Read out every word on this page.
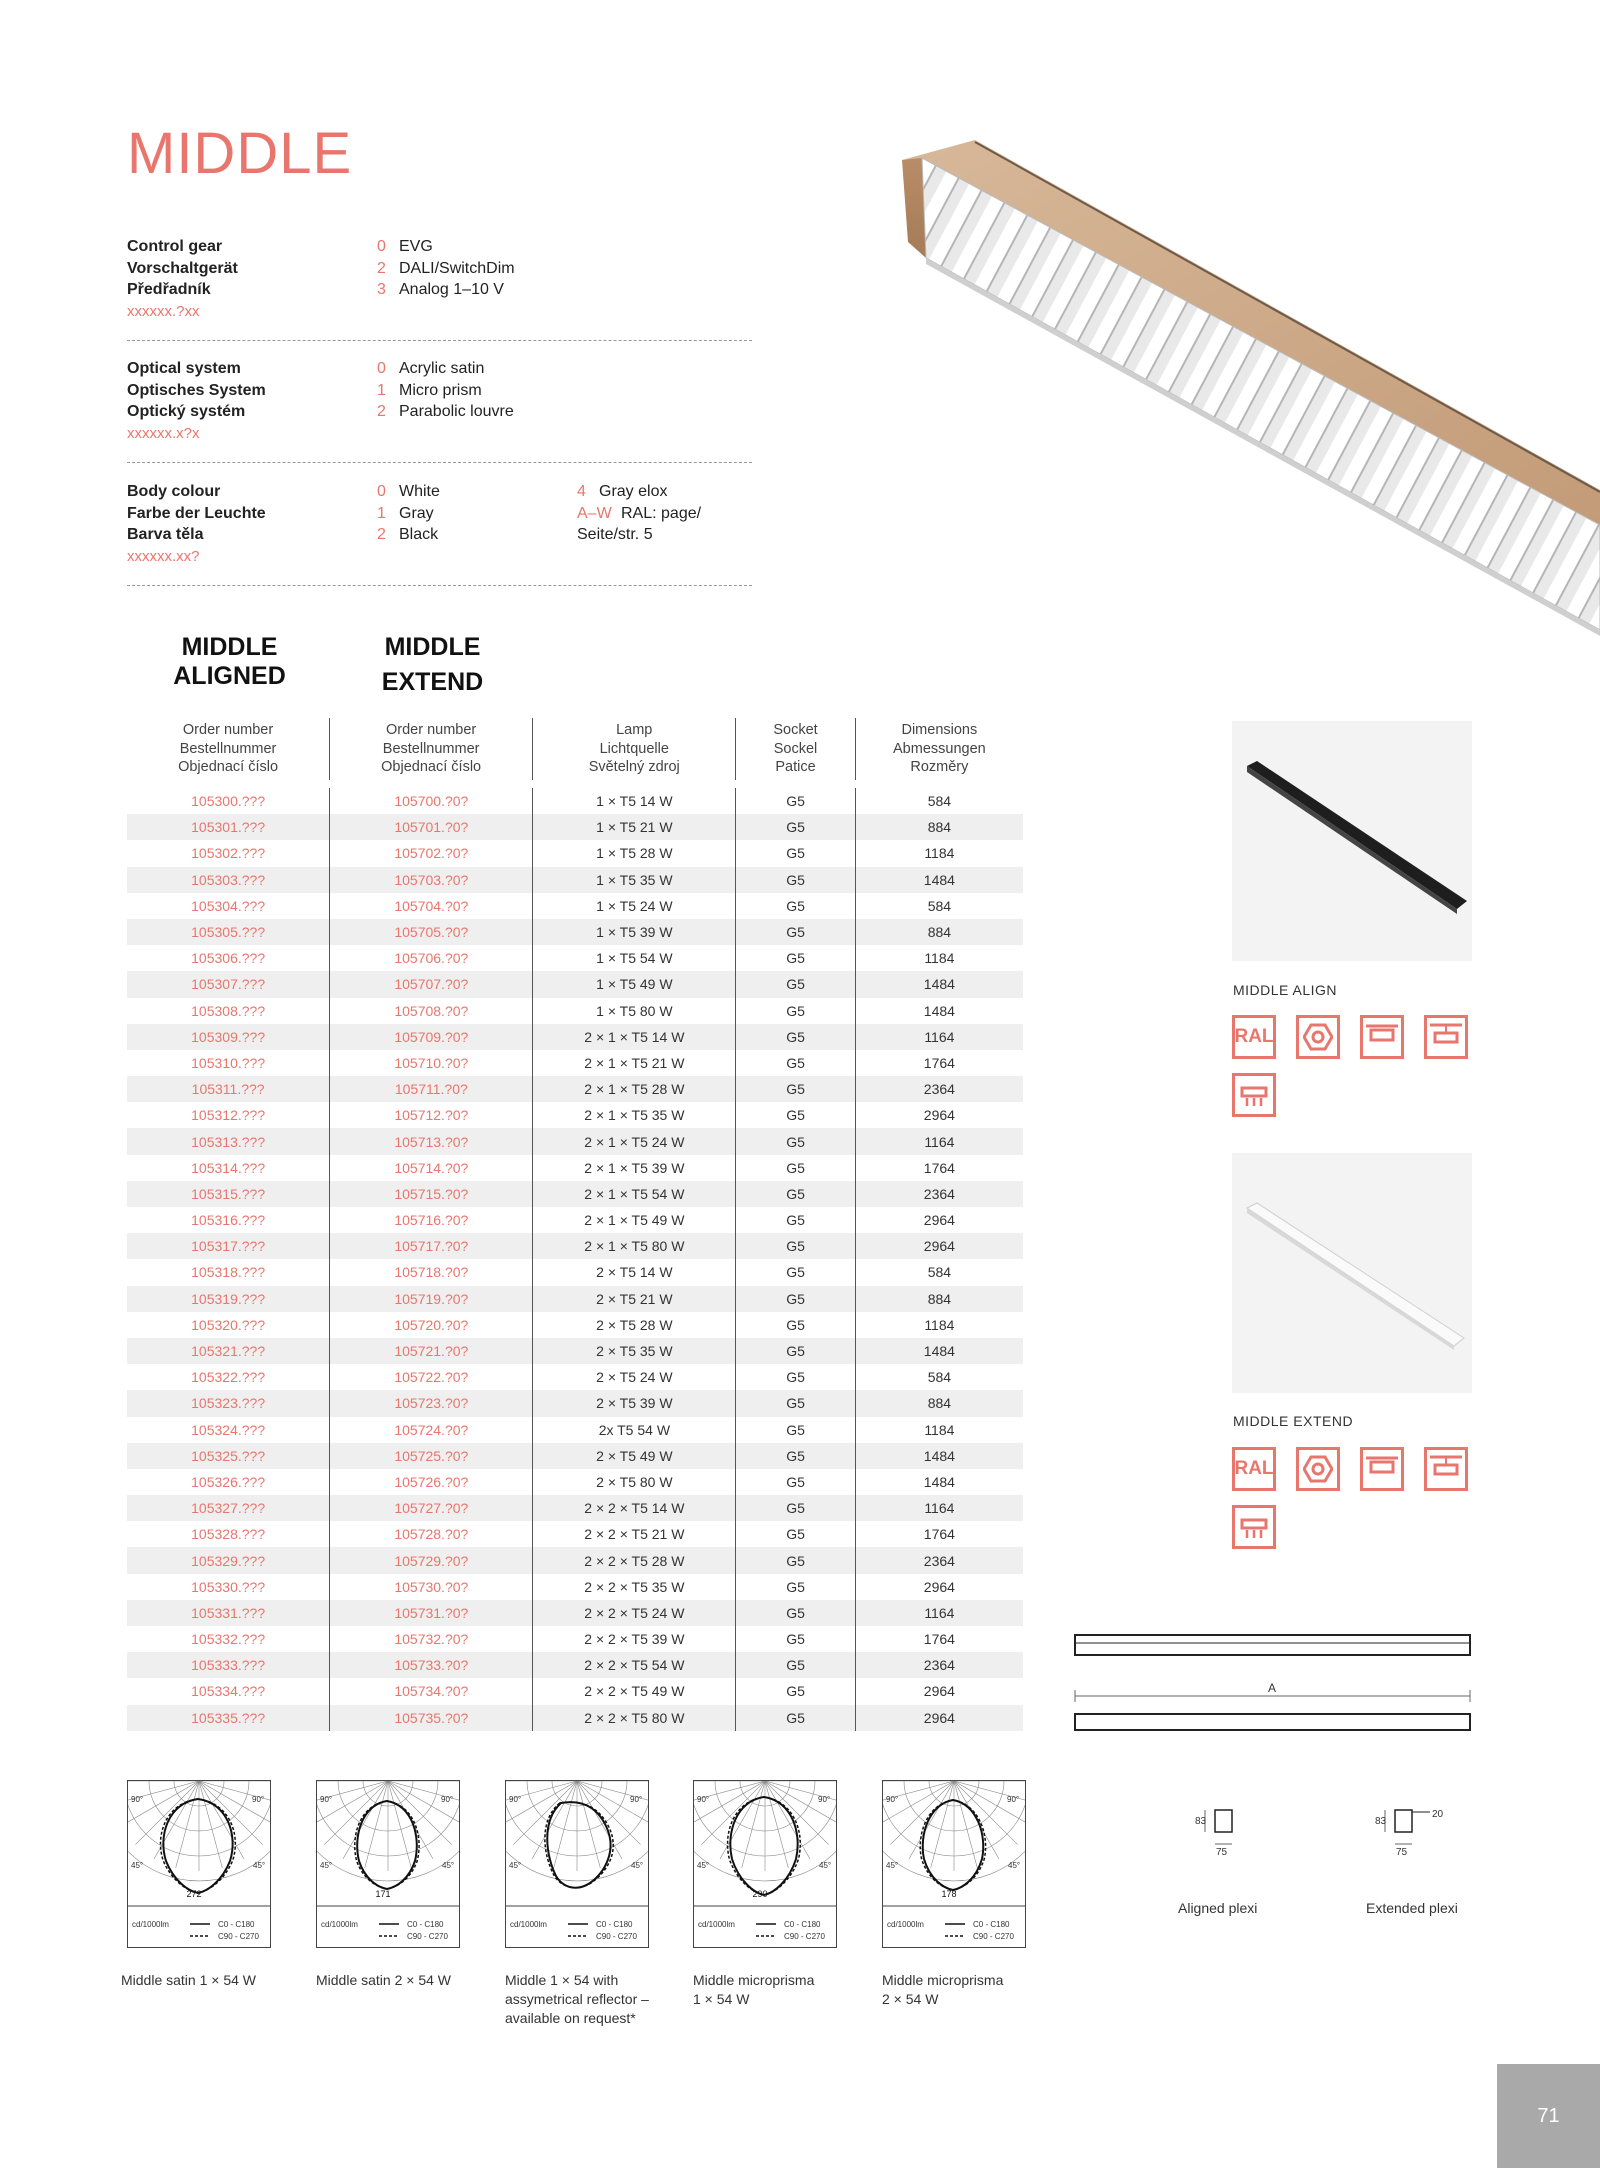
MIDDLE
Control gear	0 EVG
Vorschaltgerät	2 DALI/SwitchDim
Předřadník	3 Analog 1–10 V
xxxxxx.?xx
Optical system	0 Acrylic satin
Optisches System	1 Micro prism
Optický systém	2 Parabolic louvre
xxxxxx.x?x
Body colour	0 White	4 Gray elox
Farbe der Leuchte	1 Gray	A–W RAL: page/
Barva těla	2 Black	Seite/str. 5
xxxxxx.xx?
MIDDLE
ALIGNED
MIDDLE
EXTEND
Order number
Bestellnummer
Objednací číslo
Order number
Bestellnummer
Objednací číslo
Lamp
Lichtquelle
Světelný zdroj
Socket
Sockel
Patice
Dimensions
Abmessungen
Rozměry
105300.???	105700.?0?	1 × T5 14 W	G5	584
105301.???	105701.?0?	1 × T5 21 W	G5	884
105302.???	105702.?0?	1 × T5 28 W	G5	1184
105303.???	105703.?0?	1 × T5 35 W	G5	1484
105304.???	105704.?0?	1 × T5 24 W	G5	584
105305.???	105705.?0?	1 × T5 39 W	G5	884
105306.???	105706.?0?	1 × T5 54 W	G5	1184
105307.???	105707.?0?	1 × T5 49 W	G5	1484
105308.???	105708.?0?	1 × T5 80 W	G5	1484
105309.???	105709.?0?	2 × 1 × T5 14 W	G5	1164
105310.???	105710.?0?	2 × 1 × T5 21 W	G5	1764
105311.???	105711.?0?	2 × 1 × T5 28 W	G5	2364
105312.???	105712.?0?	2 × 1 × T5 35 W	G5	2964
105313.???	105713.?0?	2 × 1 × T5 24 W	G5	1164
105314.???	105714.?0?	2 × 1 × T5 39 W	G5	1764
105315.???	105715.?0?	2 × 1 × T5 54 W	G5	2364
105316.???	105716.?0?	2 × 1 × T5 49 W	G5	2964
105317.???	105717.?0?	2 × 1 × T5 80 W	G5	2964
105318.???	105718.?0?	2 × T5 14 W	G5	584
105319.???	105719.?0?	2 × T5 21 W	G5	884
105320.???	105720.?0?	2 × T5 28 W	G5	1184
105321.???	105721.?0?	2 × T5 35 W	G5	1484
105322.???	105722.?0?	2 × T5 24 W	G5	584
105323.???	105723.?0?	2 × T5 39 W	G5	884
105324.???	105724.?0?	2x T5 54 W	G5	1184
105325.???	105725.?0?	2 × T5 49 W	G5	1484
105326.???	105726.?0?	2 × T5 80 W	G5	1484
105327.???	105727.?0?	2 × 2 × T5 14 W	G5	1164
105328.???	105728.?0?	2 × 2 × T5 21 W	G5	1764
105329.???	105729.?0?	2 × 2 × T5 28 W	G5	2364
105330.???	105730.?0?	2 × 2 × T5 35 W	G5	2964
105331.???	105731.?0?	2 × 2 × T5 24 W	G5	1164
105332.???	105732.?0?	2 × 2 × T5 39 W	G5	1764
105333.???	105733.?0?	2 × 2 × T5 54 W	G5	2364
105334.???	105734.?0?	2 × 2 × T5 49 W	G5	2964
105335.???	105735.?0?	2 × 2 × T5 80 W	G5	2964
MIDDLE ALIGN
RAL
MIDDLE EXTEND
RAL
A
83
75
Aligned plexi
83
75
20
Extended plexi
90°	90°
45°	45°
272
cd/1000lm	C0 - C180
C90 - C270
Middle satin 1 × 54 W
90°	90°
45°	45°
171
cd/1000lm	C0 - C180
C90 - C270
Middle satin 2 × 54 W
90°	90°
45°	45°
cd/1000lm	C0 - C180
C90 - C270
Middle 1 × 54 with
assymetrical reflector –
available on request*
90°	90°
45°	45°
290
cd/1000lm	C0 - C180
C90 - C270
Middle microprisma
1 × 54 W
90°	90°
45°	45°
178
cd/1000lm	C0 - C180
C90 - C270
Middle microprisma
2 × 54 W
71
